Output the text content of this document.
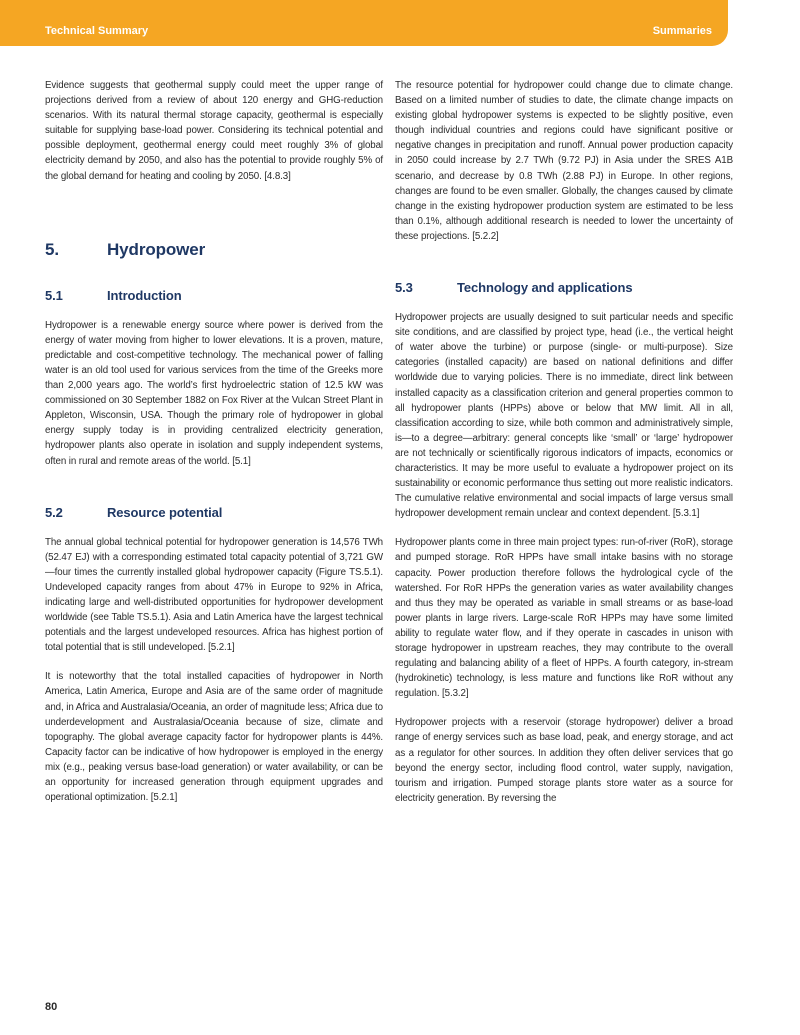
Technical Summary	Summaries

Evidence suggests that geothermal supply could meet the upper range of projections derived from a review of about 120 energy and GHG-reduction scenarios. With its natural thermal storage capacity, geothermal is especially suitable for supplying base-load power. Considering its technical potential and possible deployment, geothermal energy could meet roughly 3% of global electricity demand by 2050, and also has the potential to provide roughly 5% of the global demand for heating and cooling by 2050. [4.8.3]

5.	Hydropower
5.1	Introduction

Hydropower is a renewable energy source where power is derived from the energy of water moving from higher to lower elevations. It is a proven, mature, predictable and cost-competitive technology. The mechanical power of falling water is an old tool used for various services from the time of the Greeks more than 2,000 years ago. The world’s first hydroelectric station of 12.5 kW was commissioned on 30 September 1882 on Fox River at the Vulcan Street Plant in Appleton, Wisconsin, USA. Though the primary role of hydropower in global energy supply today is in providing centralized electricity generation, hydropower plants also operate in isolation and supply independent systems, often in rural and remote areas of the world. [5.1]

5.2	Resource potential

The annual global technical potential for hydropower generation is 14,576 TWh (52.47 EJ) with a corresponding estimated total capacity potential of 3,721 GW—four times the currently installed global hydropower capacity (Figure TS.5.1). Undeveloped capacity ranges from about 47% in Europe to 92% in Africa, indicating large and well-distributed opportunities for hydropower development worldwide (see Table TS.5.1). Asia and Latin America have the largest technical potentials and the largest undeveloped resources. Africa has highest portion of total potential that is still undeveloped. [5.2.1]

It is noteworthy that the total installed capacities of hydropower in North America, Latin America, Europe and Asia are of the same order of magnitude and, in Africa and Australasia/Oceania, an order of magnitude less; Africa due to underdevelopment and Australasia/Oceania because of size, climate and topography. The global average capacity factor for hydropower plants is 44%. Capacity factor can be indicative of how hydropower is employed in the energy mix (e.g., peaking versus base-load generation) or water availability, or can be an opportunity for increased generation through equipment upgrades and operational optimization. [5.2.1]

The resource potential for hydropower could change due to climate change. Based on a limited number of studies to date, the climate change impacts on existing global hydropower systems is expected to be slightly positive, even though individual countries and regions could have significant positive or negative changes in precipitation and runoff. Annual power production capacity in 2050 could increase by 2.7 TWh (9.72 PJ) in Asia under the SRES A1B scenario, and decrease by 0.8 TWh (2.88 PJ) in Europe. In other regions, changes are found to be even smaller. Globally, the changes caused by climate change in the existing hydropower production system are estimated to be less than 0.1%, although additional research is needed to lower the uncertainty of these projections. [5.2.2]

5.3	Technology and applications

Hydropower projects are usually designed to suit particular needs and specific site conditions, and are classified by project type, head (i.e., the vertical height of water above the turbine) or purpose (single- or multi-purpose). Size categories (installed capacity) are based on national definitions and differ worldwide due to varying policies. There is no immediate, direct link between installed capacity as a classification criterion and general properties common to all hydropower plants (HPPs) above or below that MW limit. All in all, classification according to size, while both common and administratively simple, is—to a degree—arbitrary: general concepts like ‘small’ or ‘large’ hydropower are not technically or scientifically rigorous indicators of impacts, economics or characteristics. It may be more useful to evaluate a hydropower project on its sustainability or economic performance thus setting out more realistic indicators. The cumulative relative environmental and social impacts of large versus small hydropower development remain unclear and context dependent. [5.3.1]

Hydropower plants come in three main project types: run-of-river (RoR), storage and pumped storage. RoR HPPs have small intake basins with no storage capacity. Power production therefore follows the hydrological cycle of the watershed. For RoR HPPs the generation varies as water availability changes and thus they may be operated as variable in small streams or as base-load power plants in large rivers. Large-scale RoR HPPs may have some limited ability to regulate water flow, and if they operate in cascades in unison with storage hydropower in upstream reaches, they may contribute to the overall regulating and balancing ability of a fleet of HPPs. A fourth category, in-stream (hydrokinetic) technology, is less mature and functions like RoR without any regulation. [5.3.2]

Hydropower projects with a reservoir (storage hydropower) deliver a broad range of energy services such as base load, peak, and energy storage, and act as a regulator for other sources. In addition they often deliver services that go beyond the energy sector, including flood control, water supply, navigation, tourism and irrigation. Pumped storage plants store water as a source for electricity generation. By reversing the

80
